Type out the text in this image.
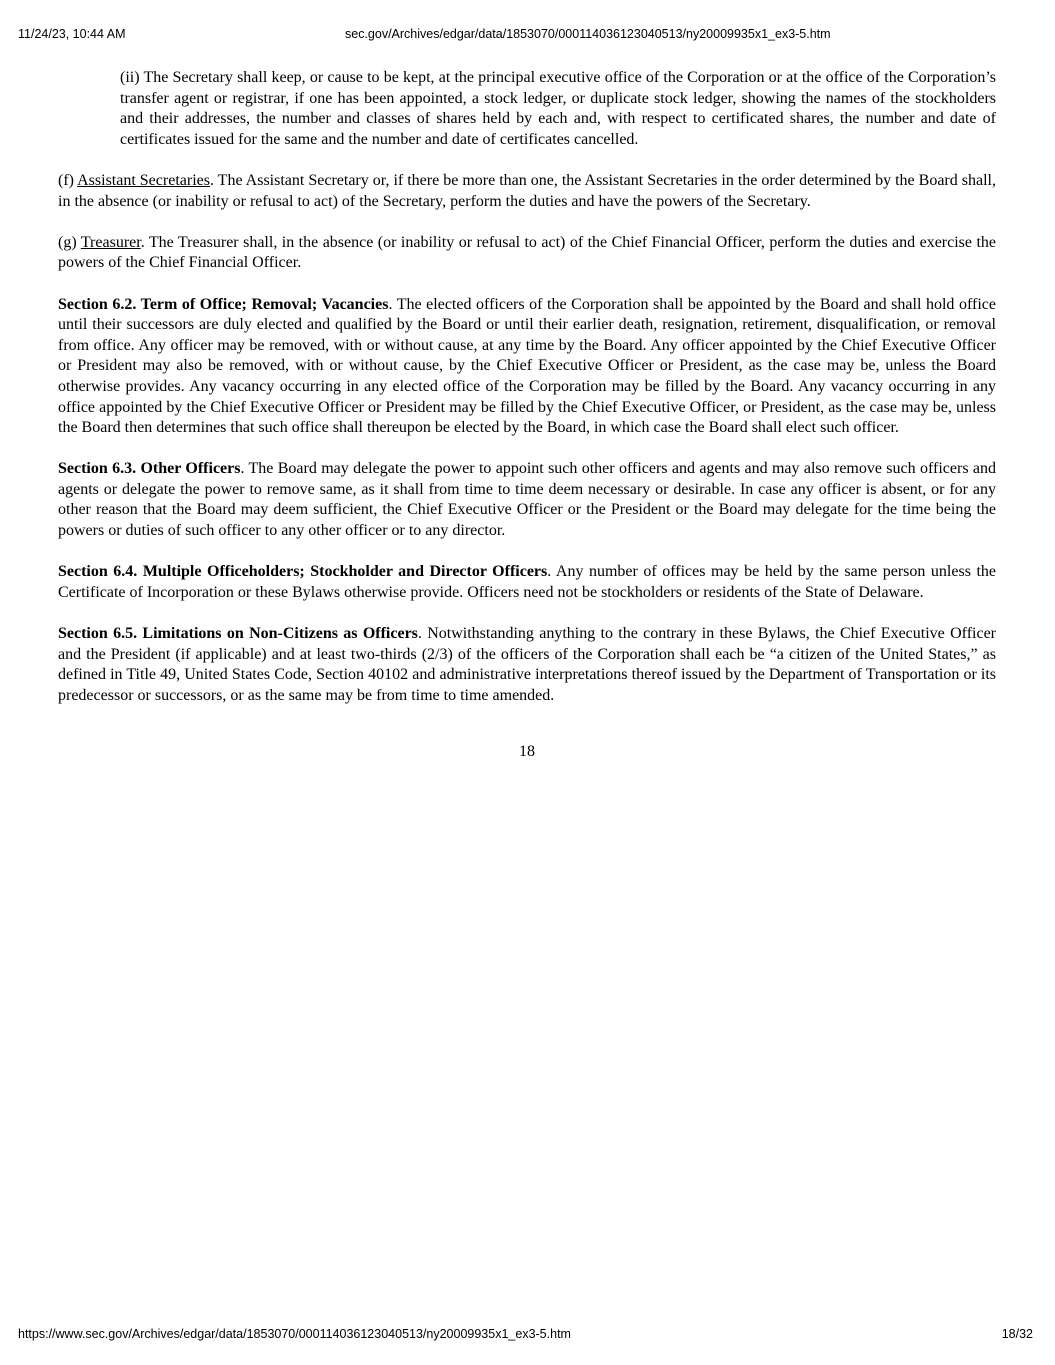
11/24/23, 10:44 AM	sec.gov/Archives/edgar/data/1853070/000114036123040513/ny20009935x1_ex3-5.htm

(ii) The Secretary shall keep, or cause to be kept, at the principal executive office of the Corporation or at the office of the Corporation’s transfer agent or registrar, if one has been appointed, a stock ledger, or duplicate stock ledger, showing the names of the stockholders and their addresses, the number and classes of shares held by each and, with respect to certificated shares, the number and date of certificates issued for the same and the number and date of certificates cancelled.

(f) Assistant Secretaries. The Assistant Secretary or, if there be more than one, the Assistant Secretaries in the order determined by the Board shall, in the absence (or inability or refusal to act) of the Secretary, perform the duties and have the powers of the Secretary.

(g) Treasurer. The Treasurer shall, in the absence (or inability or refusal to act) of the Chief Financial Officer, perform the duties and exercise the powers of the Chief Financial Officer.

Section 6.2. Term of Office; Removal; Vacancies. The elected officers of the Corporation shall be appointed by the Board and shall hold office until their successors are duly elected and qualified by the Board or until their earlier death, resignation, retirement, disqualification, or removal from office. Any officer may be removed, with or without cause, at any time by the Board. Any officer appointed by the Chief Executive Officer or President may also be removed, with or without cause, by the Chief Executive Officer or President, as the case may be, unless the Board otherwise provides. Any vacancy occurring in any elected office of the Corporation may be filled by the Board. Any vacancy occurring in any office appointed by the Chief Executive Officer or President may be filled by the Chief Executive Officer, or President, as the case may be, unless the Board then determines that such office shall thereupon be elected by the Board, in which case the Board shall elect such officer.

Section 6.3. Other Officers. The Board may delegate the power to appoint such other officers and agents and may also remove such officers and agents or delegate the power to remove same, as it shall from time to time deem necessary or desirable. In case any officer is absent, or for any other reason that the Board may deem sufficient, the Chief Executive Officer or the President or the Board may delegate for the time being the powers or duties of such officer to any other officer or to any director.

Section 6.4. Multiple Officeholders; Stockholder and Director Officers. Any number of offices may be held by the same person unless the Certificate of Incorporation or these Bylaws otherwise provide. Officers need not be stockholders or residents of the State of Delaware.

Section 6.5. Limitations on Non-Citizens as Officers. Notwithstanding anything to the contrary in these Bylaws, the Chief Executive Officer and the President (if applicable) and at least two-thirds (2/3) of the officers of the Corporation shall each be “a citizen of the United States,” as defined in Title 49, United States Code, Section 40102 and administrative interpretations thereof issued by the Department of Transportation or its predecessor or successors, or as the same may be from time to time amended.

18

https://www.sec.gov/Archives/edgar/data/1853070/000114036123040513/ny20009935x1_ex3-5.htm	18/32
